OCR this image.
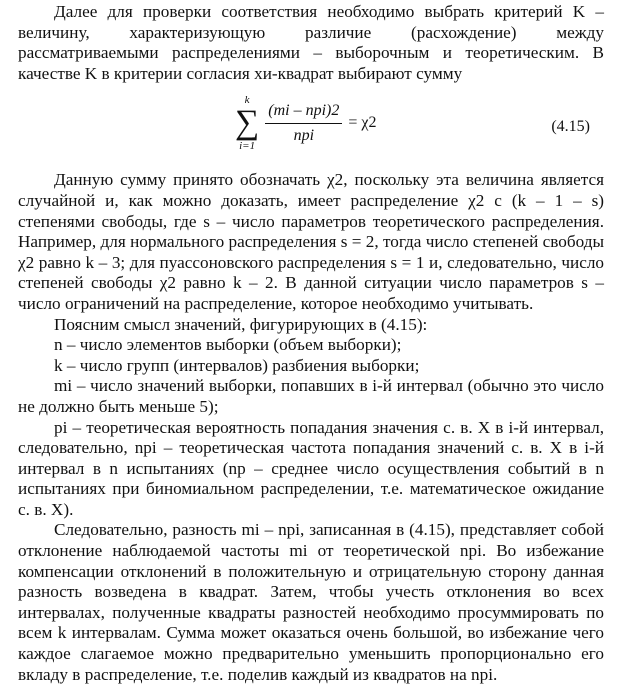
Далее для проверки соответствия необходимо выбрать критерий K – величину, характеризующую различие (расхождение) между рассматриваемыми распределениями – выборочным и теоретическим. В качестве K в критерии согласия хи-квадрат выбирают сумму

k
∑
i=1
$\frac{\text{(mi – npi)2}}{\text{npi}} = \chi 2$	(4.15)

Данную сумму принято обозначать χ2, поскольку эта величина является случайной и, как можно доказать, имеет распределение χ2 с (k – 1 – s) степенями свободы, где s – число параметров теоретического распределения. Например, для нормального распределения s = 2, тогда число степеней свободы χ2 равно k – 3; для пуассоновского распределения s = 1 и, следовательно, число степеней свободы χ2 равно k – 2. В данной ситуации число параметров s – число ограничений на распределение, которое необходимо учитывать.

Поясним смысл значений, фигурирующих в (4.15):

n – число элементов выборки (объем выборки);

k – число групп (интервалов) разбиения выборки;

mi – число значений выборки, попавших в i-й интервал (обычно это число не должно быть меньше 5);

pi – теоретическая вероятность попадания значения с. в. X в i-й интервал, следовательно, npi – теоретическая частота попадания значений с. в. X в i-й интервал в n испытаниях (np – среднее число осуществления событий в n испытаниях при биномиальном распределении, т.е. математическое ожидание с. в. X).

Следовательно, разность mi – npi, записанная в (4.15), представляет собой отклонение наблюдаемой частоты mi от теоретической npi. Во избежание компенсации отклонений в положительную и отрицательную сторону данная разность возведена в квадрат. Затем, чтобы учесть отклонения во всех интервалах, полученные квадраты разностей необходимо просуммировать по всем k интервалам. Сумма может оказаться очень большой, во избежание чего каждое слагаемое можно предварительно уменьшить пропорционально его вкладу в распределение, т.е. поделив каждый из квадратов на npi.
